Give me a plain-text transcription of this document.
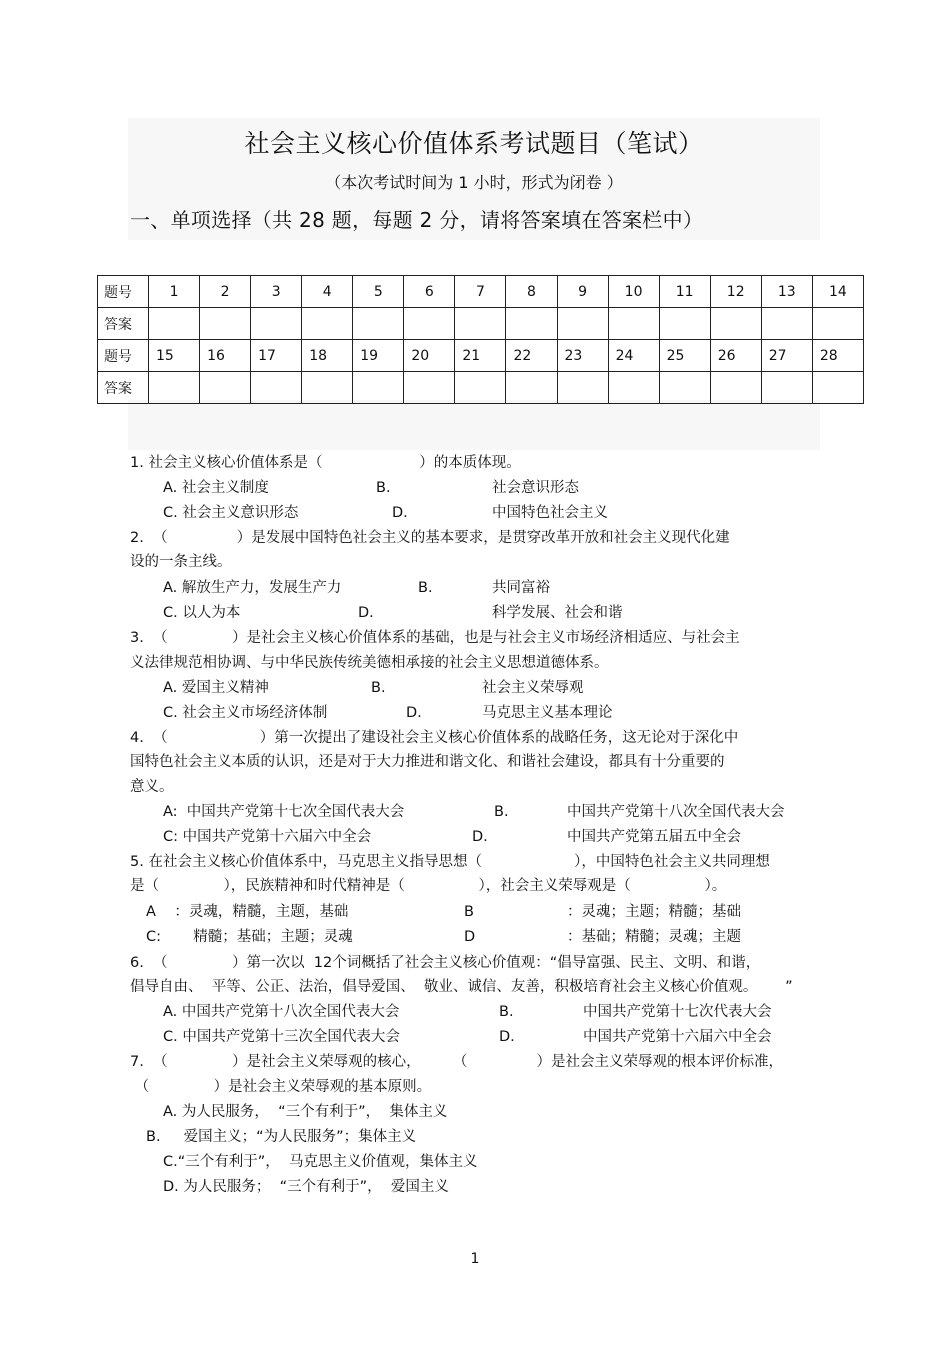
社会主义核心价值体系考试题目（笔试）
（本次考试时间为 1 小时，形式为闭卷 ）
一、单项选择（共 28 题，每题 2 分，请将答案填在答案栏中）
题号	1	2	3	4	5	6	7	8	9	10	11	12	13	14
答案														
题号	15	16	17	18	19	20	21	22	23	24	25	26	27	28
答案														
1. 社会主义核心价值体系是（                     ）的本质体现。
A. 社会主义制度	B.	社会意识形态
C. 社会主义意识形态	D.	中国特色社会主义
2.  （               ）是发展中国特色社会主义的基本要求，是贯穿改革开放和社会主义现代化建
设的一条主线。
A. 解放生产力，发展生产力	B.	共同富裕
C. 以人为本	D.	科学发展、社会和谐
3.  （              ）是社会主义核心价值体系的基础，也是与社会主义市场经济相适应、与社会主
义法律规范相协调、与中华民族传统美德相承接的社会主义思想道德体系。
A. 爱国主义精神	B.	社会主义荣辱观
C. 社会主义市场经济体制	D.	马克思主义基本理论
4.  （                    ）第一次提出了建设社会主义核心价值体系的战略任务，这无论对于深化中
国特色社会主义本质的认识，还是对于大力推进和谐文化、和谐社会建设，都具有十分重要的
意义。
A:  中国共产党第十七次全国代表大会	B.	中国共产党第十八次全国代表大会
C: 中国共产党第十六届六中全会	D.	中国共产党第五届五中全会
5. 在社会主义核心价值体系中，马克思主义指导思想（                    ），中国特色社会主义共同理想
是（              ），民族精神和时代精神是（                ），社会主义荣辱观是（                ）。
A    ：灵魂，精髓，主题，基础	B	：灵魂；主题；精髓；基础
C:       精髓；基础；主题；灵魂	D	：基础；精髓；灵魂；主题
6.  （              ）第一次以  12个词概括了社会主义核心价值观：“倡导富强、民主、文明、和谐，
倡导自由、  平等、公正、法治，倡导爱国、  敬业、诚信、友善，积极培育社会主义核心价值观。      ”
A. 中国共产党第十八次全国代表大会	B.	中国共产党第十七次代表大会
C. 中国共产党第十三次全国代表大会	D.	中国共产党第十六届六中全会
7.  （              ）是社会主义荣辱观的核心，       （               ）是社会主义荣辱观的根本评价标准，
（              ）是社会主义荣辱观的基本原则。
A. 为人民服务，  “三个有利于”，  集体主义
B.     爱国主义；“为人民服务”；集体主义
C.“三个有利于”，  马克思主义价值观，集体主义
D. 为人民服务；  “三个有利于”，  爱国主义
1
